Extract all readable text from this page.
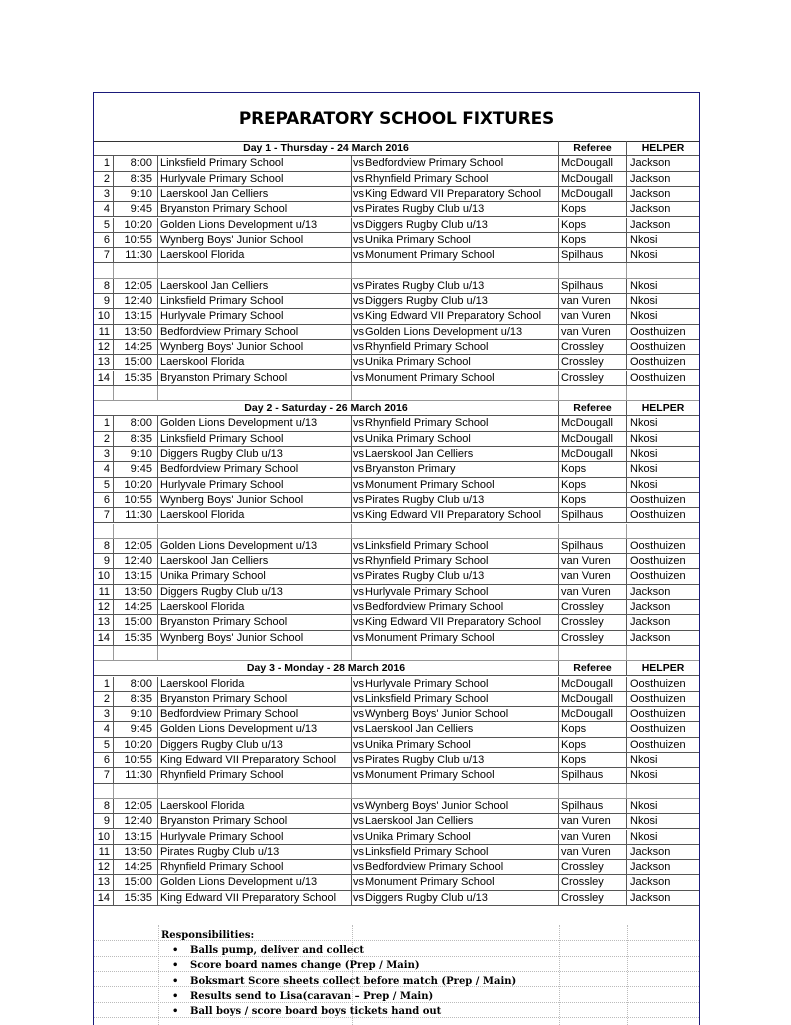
PREPARATORY SCHOOL FIXTURES
Day 1 - Thursday - 24 March 2016	Referee	HELPER
1	8:00 Linksfield Primary School	vs Bedfordview Primary School	McDougall	Jackson
2	8:35 Hurlyvale Primary School	vs Rhynfield Primary School	McDougall	Jackson
3	9:10 Laerskool Jan Celliers	vs King Edward VII Preparatory School	McDougall	Jackson
4	9:45 Bryanston Primary School	vs Pirates Rugby Club u/13	Kops	Jackson
5	10:20 Golden Lions Development u/13	vs Diggers Rugby Club u/13	Kops	Jackson
6	10:55 Wynberg Boys' Junior School	vs Unika Primary School	Kops	Nkosi
7	11:30 Laerskool Florida	vs Monument Primary School	Spilhaus	Nkosi
8	12:05 Laerskool Jan Celliers	vs Pirates Rugby Club u/13	Spilhaus	Nkosi
9	12:40 Linksfield Primary School	vs Diggers Rugby Club u/13	van Vuren	Nkosi
10	13:15 Hurlyvale Primary School	vs King Edward VII Preparatory School	van Vuren	Nkosi
11	13:50 Bedfordview Primary School	vs Golden Lions Development u/13	van Vuren	Oosthuizen
12	14:25 Wynberg Boys' Junior School	vs Rhynfield Primary School	Crossley	Oosthuizen
13	15:00 Laerskool Florida	vs Unika Primary School	Crossley	Oosthuizen
14	15:35 Bryanston Primary School	vs Monument Primary School	Crossley	Oosthuizen
Day 2 - Saturday - 26 March 2016	Referee	HELPER
1	8:00 Golden Lions Development u/13	vs Rhynfield Primary School	McDougall	Nkosi
2	8:35 Linksfield Primary School	vs Unika Primary School	McDougall	Nkosi
3	9:10 Diggers Rugby Club u/13	vs Laerskool Jan Celliers	McDougall	Nkosi
4	9:45 Bedfordview Primary School	vs Bryanston Primary	Kops	Nkosi
5	10:20 Hurlyvale Primary School	vs Monument Primary School	Kops	Nkosi
6	10:55 Wynberg Boys' Junior School	vs Pirates Rugby Club u/13	Kops	Oosthuizen
7	11:30 Laerskool Florida	vs King Edward VII Preparatory School	Spilhaus	Oosthuizen
8	12:05 Golden Lions Development u/13	vs Linksfield Primary School	Spilhaus	Oosthuizen
9	12:40 Laerskool Jan Celliers	vs Rhynfield Primary School	van Vuren	Oosthuizen
10	13:15 Unika Primary School	vs Pirates Rugby Club u/13	van Vuren	Oosthuizen
11	13:50 Diggers Rugby Club u/13	vs Hurlyvale Primary School	van Vuren	Jackson
12	14:25 Laerskool Florida	vs Bedfordview Primary School	Crossley	Jackson
13	15:00 Bryanston Primary School	vs King Edward VII Preparatory School	Crossley	Jackson
14	15:35 Wynberg Boys' Junior School	vs Monument Primary School	Crossley	Jackson
Day 3 - Monday - 28 March 2016	Referee	HELPER
1	8:00 Laerskool Florida	vs Hurlyvale Primary School	McDougall	Oosthuizen
2	8:35 Bryanston Primary School	vs Linksfield Primary School	McDougall	Oosthuizen
3	9:10 Bedfordview Primary School	vs Wynberg Boys' Junior School	McDougall	Oosthuizen
4	9:45 Golden Lions Development u/13	vs Laerskool Jan Celliers	Kops	Oosthuizen
5	10:20 Diggers Rugby Club u/13	vs Unika Primary School	Kops	Oosthuizen
6	10:55 King Edward VII Preparatory School	vs Pirates Rugby Club u/13	Kops	Nkosi
7	11:30 Rhynfield Primary School	vs Monument Primary School	Spilhaus	Nkosi
8	12:05 Laerskool Florida	vs Wynberg Boys' Junior School	Spilhaus	Nkosi
9	12:40 Bryanston Primary School	vs Laerskool Jan Celliers	van Vuren	Nkosi
10	13:15 Hurlyvale Primary School	vs Unika Primary School	van Vuren	Nkosi
11	13:50 Pirates Rugby Club u/13	vs Linksfield Primary School	van Vuren	Jackson
12	14:25 Rhynfield Primary School	vs Bedfordview Primary School	Crossley	Jackson
13	15:00 Golden Lions Development u/13	vs Monument Primary School	Crossley	Jackson
14	15:35 King Edward VII Preparatory School	vs Diggers Rugby Club u/13	Crossley	Jackson
Responsibilities:
• Balls pump, deliver and collect
• Score board names change (Prep / Main)
• Boksmart Score sheets collect before match (Prep / Main)
• Results send to Lisa(caravan – Prep / Main)
• Ball boys / score board boys tickets hand out
